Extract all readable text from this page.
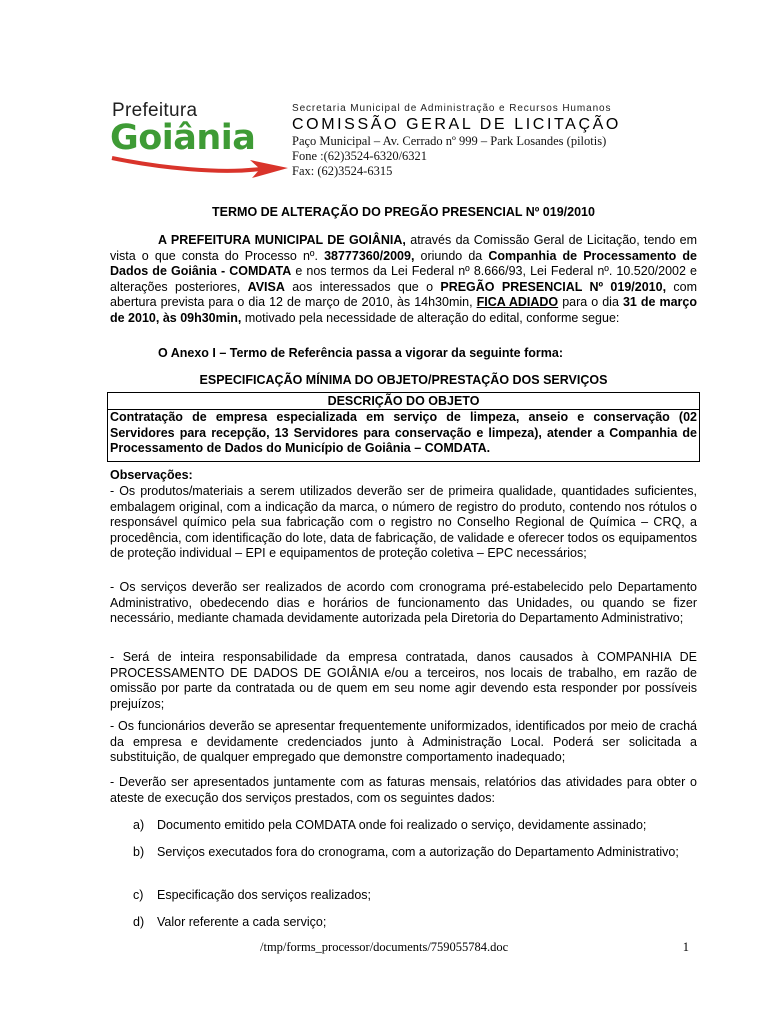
Prefeitura
Goiânia
Secretaria Municipal de Administração e Recursos Humanos
COMISSÃO GERAL DE LICITAÇÃO
Paço Municipal – Av. Cerrado nº 999 – Park Losandes (pilotis)
Fone :(62)3524-6320/6321
Fax: (62)3524-6315
TERMO DE ALTERAÇÃO DO PREGÃO PRESENCIAL Nº 019/2010
A PREFEITURA MUNICIPAL DE GOIÂNIA, através da Comissão Geral de Licitação, tendo em vista o que consta do Processo nº. 38777360/2009, oriundo da Companhia de Processamento de Dados de Goiânia - COMDATA e nos termos da Lei Federal nº 8.666/93, Lei Federal nº. 10.520/2002 e alterações posteriores, AVISA aos interessados que o PREGÃO PRESENCIAL Nº 019/2010, com abertura prevista para o dia 12 de março de 2010, às 14h30min, FICA ADIADO para o dia 31 de março de 2010, às 09h30min, motivado pela necessidade de alteração do edital, conforme segue:
O Anexo I – Termo de Referência passa a vigorar da seguinte forma:
ESPECIFICAÇÃO MÍNIMA DO OBJETO/PRESTAÇÃO DOS SERVIÇOS
DESCRIÇÃO DO OBJETO
Contratação de empresa especializada em serviço de limpeza, anseio e conservação (02 Servidores para recepção, 13 Servidores para conservação e limpeza), atender a Companhia de Processamento de Dados do Município de Goiânia – COMDATA.
Observações:
- Os produtos/materiais a serem utilizados deverão ser de primeira qualidade, quantidades suficientes, embalagem original, com a indicação da marca, o número de registro do produto, contendo nos rótulos o responsável químico pela sua fabricação com o registro no Conselho Regional de Química – CRQ, a procedência, com identificação do lote, data de fabricação, de validade e oferecer todos os equipamentos de proteção individual – EPI e equipamentos de proteção coletiva – EPC necessários;
- Os serviços deverão ser realizados de acordo com cronograma pré-estabelecido pelo Departamento Administrativo, obedecendo dias e horários de funcionamento das Unidades, ou quando se fizer necessário, mediante chamada devidamente autorizada pela Diretoria do Departamento Administrativo;
- Será de inteira responsabilidade da empresa contratada, danos causados à COMPANHIA DE PROCESSAMENTO DE DADOS DE GOIÂNIA e/ou a terceiros, nos locais de trabalho, em razão de omissão por parte da contratada ou de quem em seu nome agir devendo esta responder por possíveis prejuízos;
- Os funcionários deverão se apresentar frequentemente uniformizados, identificados por meio de crachá da empresa e devidamente credenciados junto à Administração Local. Poderá ser solicitada a substituição, de qualquer empregado que demonstre comportamento inadequado;
- Deverão ser apresentados juntamente com as faturas mensais, relatórios das atividades para obter o ateste de execução dos serviços prestados, com os seguintes dados:
a) Documento emitido pela COMDATA onde foi realizado o serviço, devidamente assinado;
b) Serviços executados fora do cronograma, com a autorização do Departamento Administrativo;
c) Especificação dos serviços realizados;
d) Valor referente a cada serviço;
/tmp/forms_processor/documents/759055784.doc	1
